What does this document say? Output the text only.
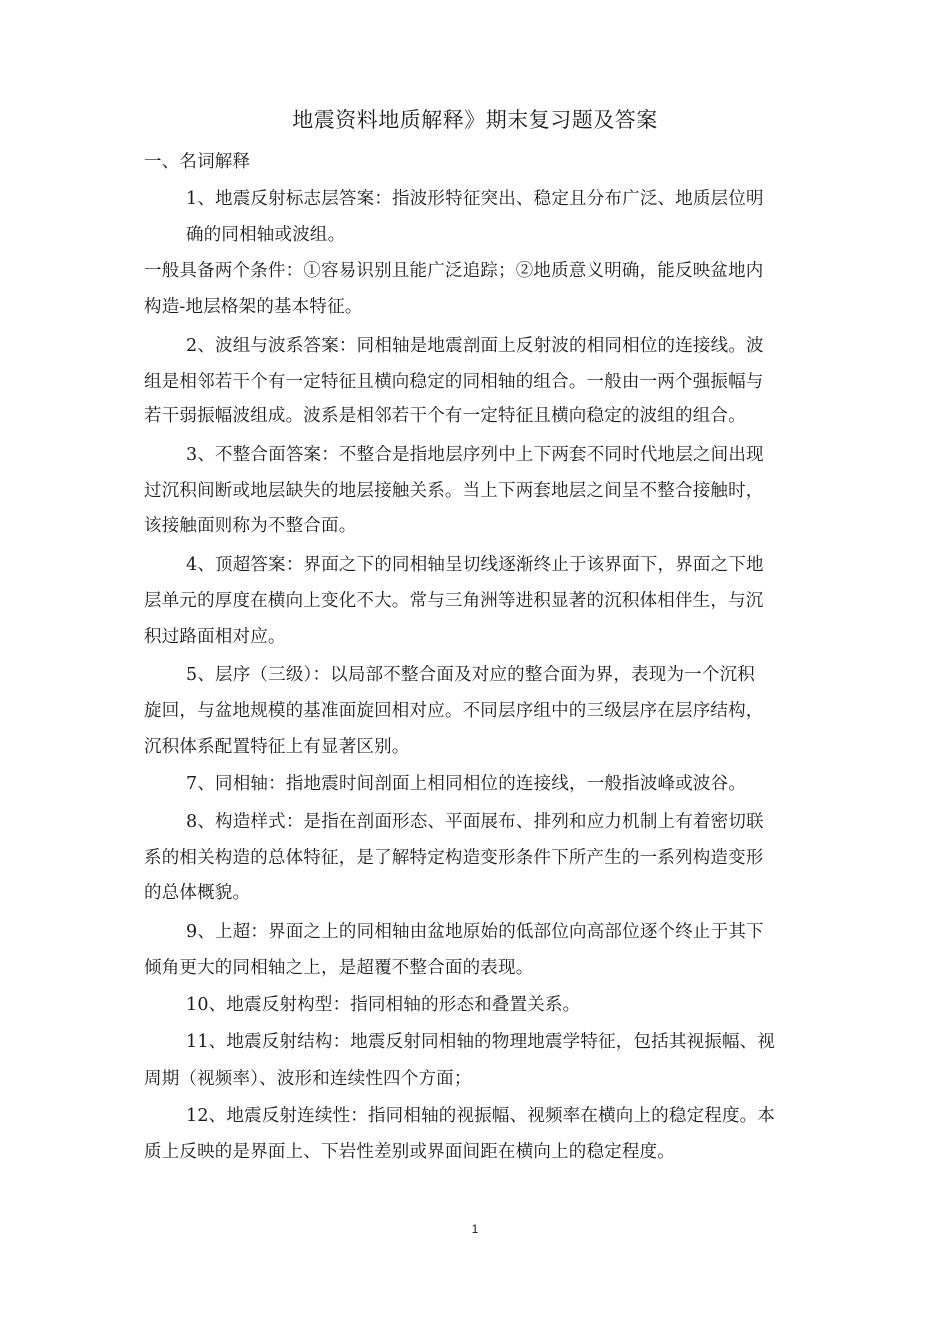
地震资料地质解释》期末复习题及答案
一、名词解释
1、地震反射标志层答案：指波形特征突出、稳定且分布广泛、地质层位明
确的同相轴或波组。
一般具备两个条件：①容易识别且能广泛追踪；②地质意义明确，能反映盆地内
构造-地层格架的基本特征。
2、波组与波系答案：同相轴是地震剖面上反射波的相同相位的连接线。波
组是相邻若干个有一定特征且横向稳定的同相轴的组合。一般由一两个强振幅与
若干弱振幅波组成。波系是相邻若干个有一定特征且横向稳定的波组的组合。
3、不整合面答案：不整合是指地层序列中上下两套不同时代地层之间出现
过沉积间断或地层缺失的地层接触关系。当上下两套地层之间呈不整合接触时，
该接触面则称为不整合面。
4、顶超答案：界面之下的同相轴呈切线逐渐终止于该界面下，界面之下地
层单元的厚度在横向上变化不大。常与三角洲等进积显著的沉积体相伴生，与沉
积过路面相对应。
5、层序（三级）：以局部不整合面及对应的整合面为界，表现为一个沉积
旋回，与盆地规模的基准面旋回相对应。不同层序组中的三级层序在层序结构，
沉积体系配置特征上有显著区别。
7、同相轴：指地震时间剖面上相同相位的连接线，一般指波峰或波谷。
8、构造样式：是指在剖面形态、平面展布、排列和应力机制上有着密切联
系的相关构造的总体特征，是了解特定构造变形条件下所产生的一系列构造变形
的总体概貌。
9、上超：界面之上的同相轴由盆地原始的低部位向高部位逐个终止于其下
倾角更大的同相轴之上，是超覆不整合面的表现。
10、地震反射构型：指同相轴的形态和叠置关系。
11、地震反射结构：地震反射同相轴的物理地震学特征，包括其视振幅、视
周期（视频率）、波形和连续性四个方面；
12、地震反射连续性：指同相轴的视振幅、视频率在横向上的稳定程度。本
质上反映的是界面上、下岩性差别或界面间距在横向上的稳定程度。
1
